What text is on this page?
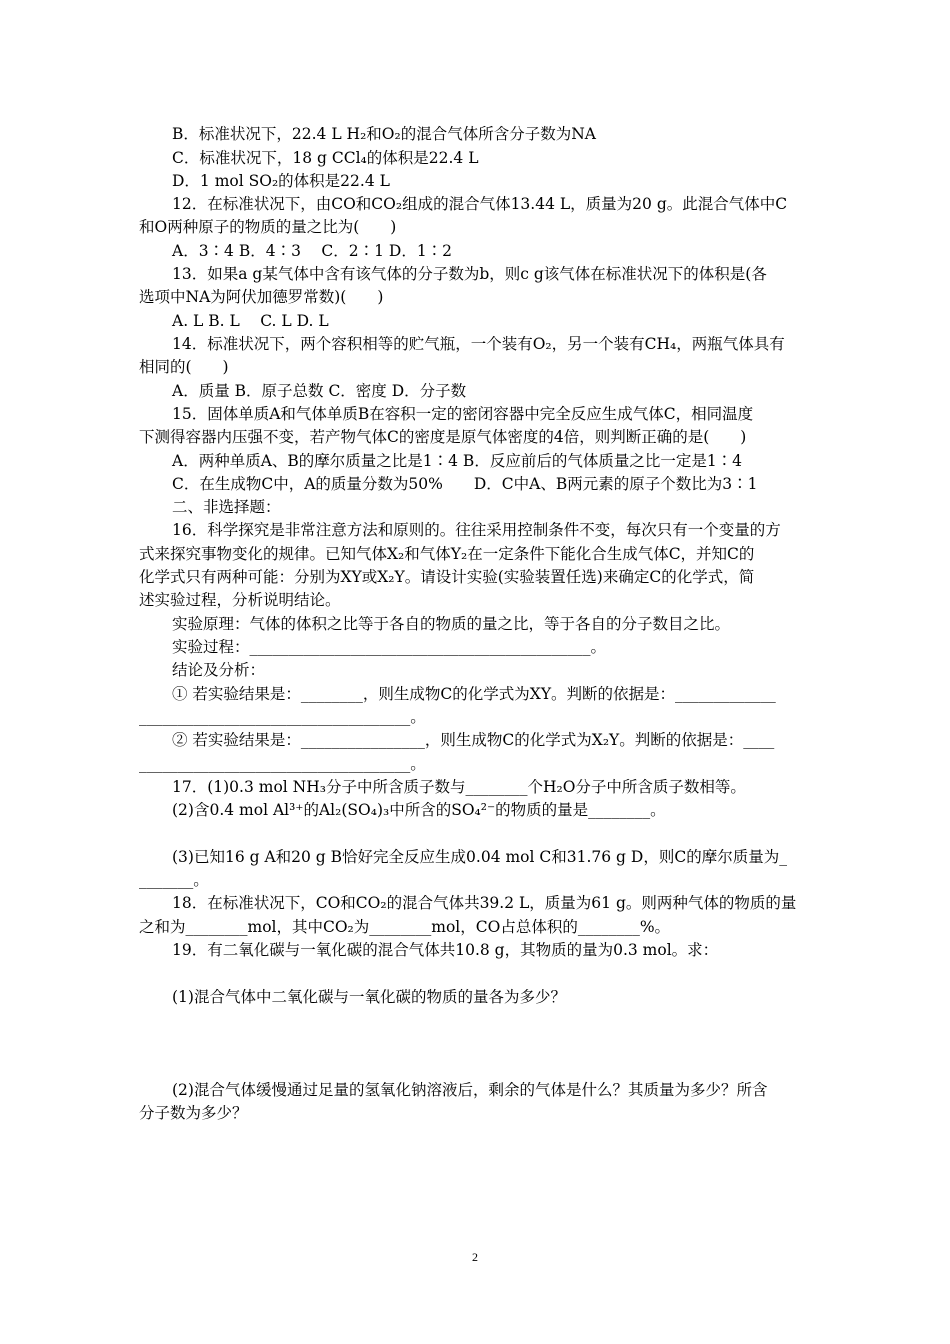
B．标准状况下，22.4 L H₂和O₂的混合气体所含分子数为NA
C．标准状况下，18 g CCl₄的体积是22.4 L
D．1 mol SO₂的体积是22.4 L
12．在标准状况下，由CO和CO₂组成的混合气体13.44 L，质量为20 g。此混合气体中C
和O两种原子的物质的量之比为(　　)
A．3∶4 B．4∶3　 C．2∶1 D．1∶2
13．如果a g某气体中含有该气体的分子数为b，则c g该气体在标准状况下的体积是(各
选项中NA为阿伏加德罗常数)(　　)
A. L B. L　 C. L D. L
14．标准状况下，两个容积相等的贮气瓶，一个装有O₂，另一个装有CH₄，两瓶气体具有
相同的(　　)
A．质量 B．原子总数 C．密度 D．分子数
15．固体单质A和气体单质B在容积一定的密闭容器中完全反应生成气体C，相同温度
下测得容器内压强不变，若产物气体C的密度是原气体密度的4倍，则判断正确的是(　　)
A．两种单质A、B的摩尔质量之比是1∶4 B．反应前后的气体质量之比一定是1∶4
C．在生成物C中，A的质量分数为50%　　D．C中A、B两元素的原子个数比为3∶1
二、非选择题：
16．科学探究是非常注意方法和原则的。往往采用控制条件不变，每次只有一个变量的方
式来探究事物变化的规律。已知气体X₂和气体Y₂在一定条件下能化合生成气体C，并知C的
化学式只有两种可能：分别为XY或X₂Y。请设计实验(实验装置任选)来确定C的化学式，简
述实验过程，分析说明结论。
实验原理：气体的体积之比等于各自的物质的量之比，等于各自的分子数目之比。
实验过程：____________________________________________。
结论及分析：
① 若实验结果是：________，则生成物C的化学式为XY。判断的依据是：_____________
___________________________________。
② 若实验结果是：________________，则生成物C的化学式为X₂Y。判断的依据是：____
___________________________________。
17．(1)0.3 mol NH₃分子中所含质子数与________个H₂O分子中所含质子数相等。
(2)含0.4 mol Al³⁺的Al₂(SO₄)₃中所含的SO₄²⁻的物质的量是________。
(3)已知16 g A和20 g B恰好完全反应生成0.04 mol C和31.76 g D，则C的摩尔质量为_
_______。
18．在标准状况下，CO和CO₂的混合气体共39.2 L，质量为61 g。则两种气体的物质的量
之和为________mol，其中CO₂为________mol，CO占总体积的________%。
19．有二氧化碳与一氧化碳的混合气体共10.8 g，其物质的量为0.3 mol。求：
(1)混合气体中二氧化碳与一氧化碳的物质的量各为多少？
(2)混合气体缓慢通过足量的氢氧化钠溶液后，剩余的气体是什么？其质量为多少？所含
分子数为多少？
2
